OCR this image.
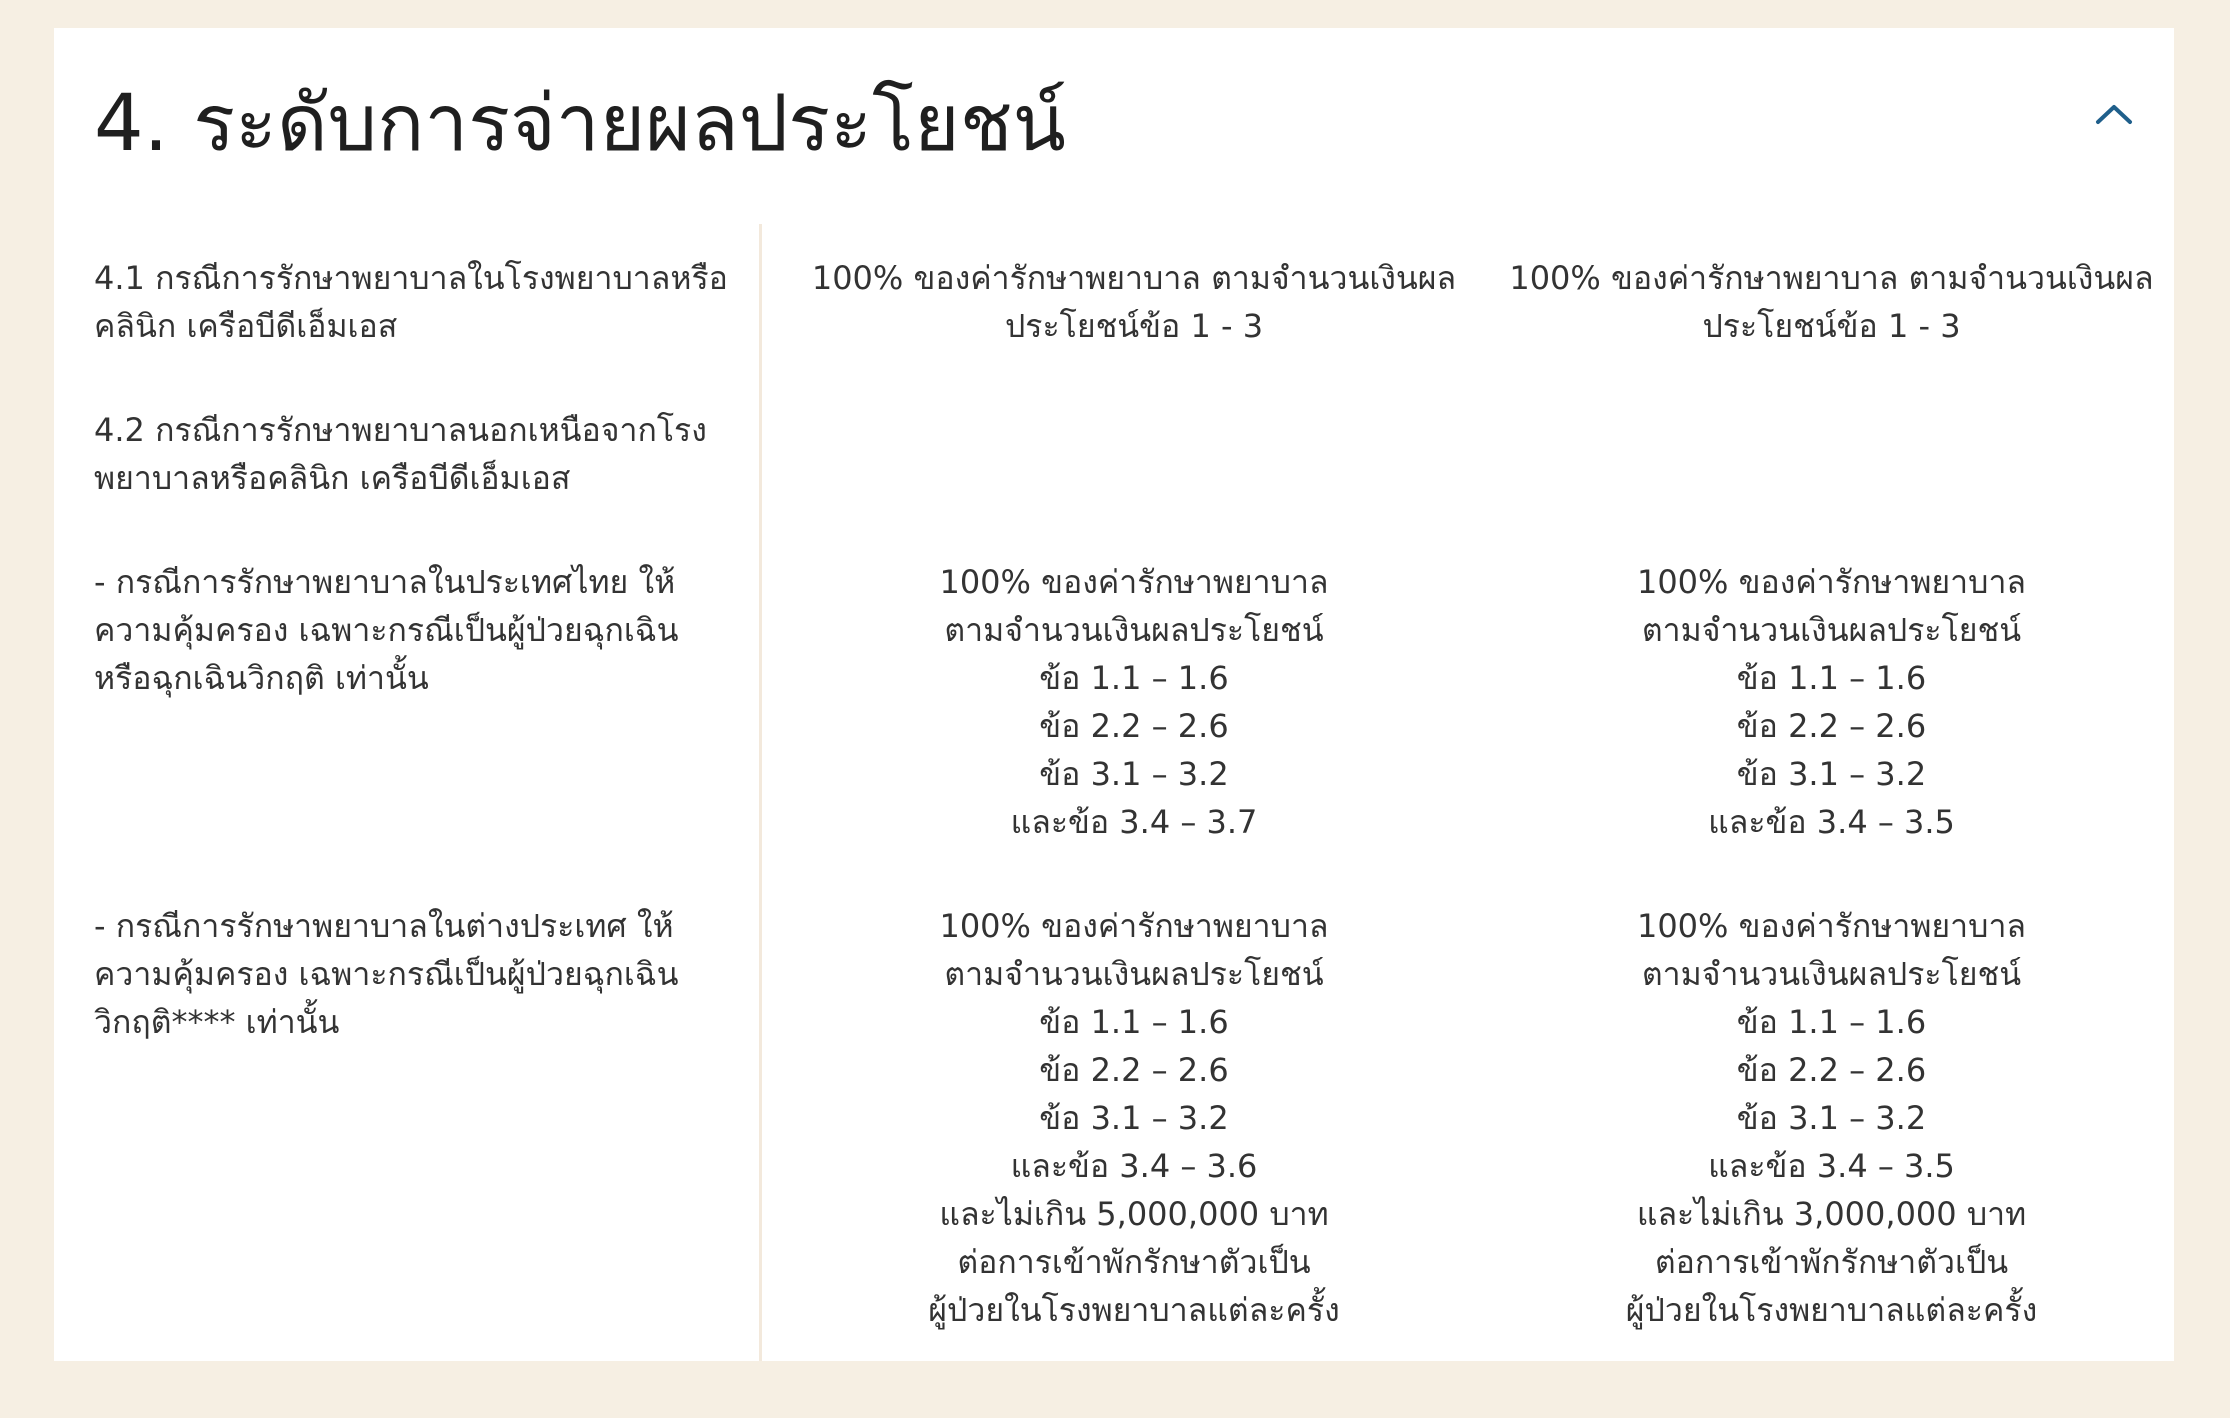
4. ระดับการจ่ายผลประโยชน์
4.1 กรณีการรักษาพยาบาลในโรงพยาบาลหรือ
คลินิก เครือบีดีเอ็มเอส
100% ของค่ารักษาพยาบาล ตามจำนวนเงินผล
ประโยชน์ข้อ 1 - 3
100% ของค่ารักษาพยาบาล ตามจำนวนเงินผล
ประโยชน์ข้อ 1 - 3
4.2 กรณีการรักษาพยาบาลนอกเหนือจากโรง
พยาบาลหรือคลินิก เครือบีดีเอ็มเอส
- กรณีการรักษาพยาบาลในประเทศไทย ให้
ความคุ้มครอง เฉพาะกรณีเป็นผู้ป่วยฉุกเฉิน
หรือฉุกเฉินวิกฤติ เท่านั้น
100% ของค่ารักษาพยาบาล
ตามจำนวนเงินผลประโยชน์
ข้อ 1.1 – 1.6
ข้อ 2.2 – 2.6
ข้อ 3.1 – 3.2
และข้อ 3.4 – 3.7
100% ของค่ารักษาพยาบาล
ตามจำนวนเงินผลประโยชน์
ข้อ 1.1 – 1.6
ข้อ 2.2 – 2.6
ข้อ 3.1 – 3.2
และข้อ 3.4 – 3.5
- กรณีการรักษาพยาบาลในต่างประเทศ ให้
ความคุ้มครอง เฉพาะกรณีเป็นผู้ป่วยฉุกเฉิน
วิกฤติ**** เท่านั้น
100% ของค่ารักษาพยาบาล
ตามจำนวนเงินผลประโยชน์
ข้อ 1.1 – 1.6
ข้อ 2.2 – 2.6
ข้อ 3.1 – 3.2
และข้อ 3.4 – 3.6
และไม่เกิน 5,000,000 บาท
ต่อการเข้าพักรักษาตัวเป็น
ผู้ป่วยในโรงพยาบาลแต่ละครั้ง
100% ของค่ารักษาพยาบาล
ตามจำนวนเงินผลประโยชน์
ข้อ 1.1 – 1.6
ข้อ 2.2 – 2.6
ข้อ 3.1 – 3.2
และข้อ 3.4 – 3.5
และไม่เกิน 3,000,000 บาท
ต่อการเข้าพักรักษาตัวเป็น
ผู้ป่วยในโรงพยาบาลแต่ละครั้ง
